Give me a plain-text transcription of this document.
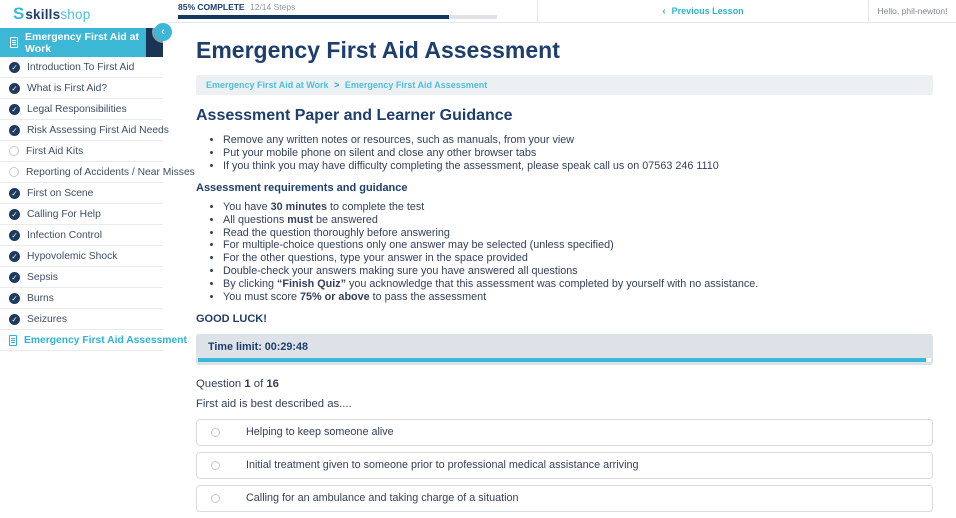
S skills shop
Emergency First Aid at Work
‹
✓ Introduction To First Aid
✓ What is First Aid?
✓ Legal Responsibilities
✓ Risk Assessing First Aid Needs
First Aid Kits
Reporting of Accidents / Near Misses
✓ First on Scene
✓ Calling For Help
✓ Infection Control
✓ Hypovolemic Shock
✓ Sepsis
✓ Burns
✓ Seizures
Emergency First Aid Assessment
85% COMPLETE 12/14 Steps	‹ Previous Lesson	Hello, phil-newton!
Emergency First Aid Assessment
Emergency First Aid at Work > Emergency First Aid Assessment
Assessment Paper and Learner Guidance
• Remove any written notes or resources, such as manuals, from your view
• Put your mobile phone on silent and close any other browser tabs
• If you think you may have difficulty completing the assessment, please speak call us on 07563 246 1110
Assessment requirements and guidance
• You have 30 minutes to complete the test
• All questions must be answered
• Read the question thoroughly before answering
• For multiple-choice questions only one answer may be selected (unless specified)
• For the other questions, type your answer in the space provided
• Double-check your answers making sure you have answered all questions
• By clicking “Finish Quiz” you acknowledge that this assessment was completed by yourself with no assistance.
• You must score 75% or above to pass the assessment
GOOD LUCK!
Time limit: 00:29:48
Question 1 of 16
First aid is best described as....
Helping to keep someone alive
Initial treatment given to someone prior to professional medical assistance arriving
Calling for an ambulance and taking charge of a situation
